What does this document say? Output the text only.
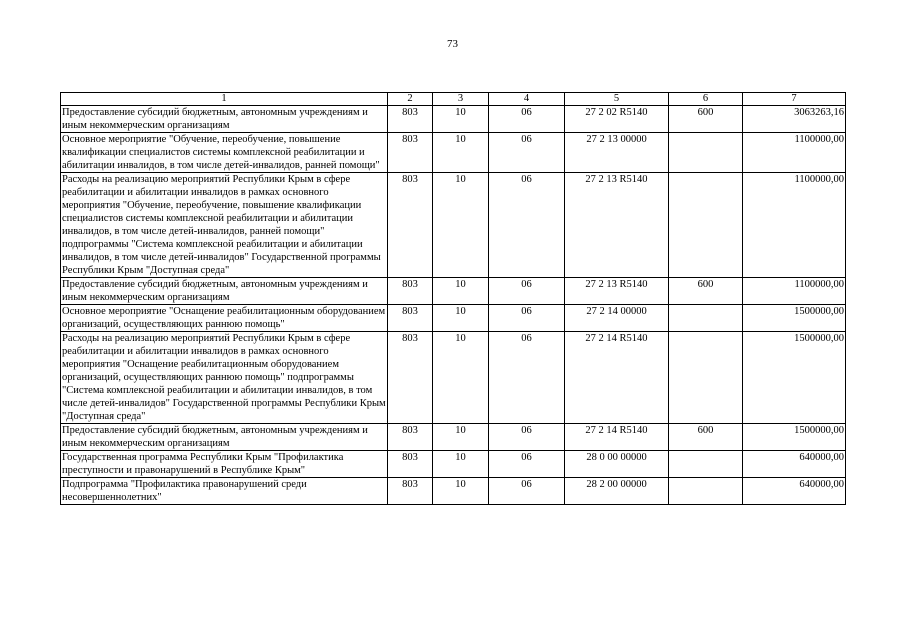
73
1	2	3	4	5	6	7
Предоставление субсидий бюджетным, автономным учреждениям и иным некоммерческим организациям	803	10	06	27 2 02 R5140	600	3063263,16
Основное мероприятие "Обучение, переобучение, повышение квалификации специалистов системы комплексной реабилитации и абилитации инвалидов, в том числе детей-инвалидов, ранней помощи"	803	10	06	27 2 13 00000		1100000,00
Расходы на реализацию мероприятий Республики Крым в сфере реабилитации и абилитации инвалидов в рамках основного мероприятия "Обучение, переобучение, повышение квалификации специалистов системы комплексной реабилитации и абилитации инвалидов, в том числе детей-инвалидов, ранней помощи" подпрограммы "Система комплексной реабилитации и абилитации инвалидов, в том числе детей-инвалидов" Государственной программы Республики Крым "Доступная среда"	803	10	06	27 2 13 R5140		1100000,00
Предоставление субсидий бюджетным, автономным учреждениям и иным некоммерческим организациям	803	10	06	27 2 13 R5140	600	1100000,00
Основное мероприятие "Оснащение реабилитационным оборудованием организаций, осуществляющих раннюю помощь"	803	10	06	27 2 14 00000		1500000,00
Расходы на реализацию мероприятий Республики Крым в сфере реабилитации и абилитации инвалидов в рамках основного мероприятия "Оснащение реабилитационным оборудованием организаций, осуществляющих раннюю помощь" подпрограммы "Система комплексной реабилитации и абилитации инвалидов, в том числе детей-инвалидов" Государственной программы Республики Крым "Доступная среда"	803	10	06	27 2 14 R5140		1500000,00
Предоставление субсидий бюджетным, автономным учреждениям и иным некоммерческим организациям	803	10	06	27 2 14 R5140	600	1500000,00
Государственная программа Республики Крым "Профилактика преступности и правонарушений в Республике Крым"	803	10	06	28 0 00 00000		640000,00
Подпрограмма "Профилактика правонарушений среди несовершеннолетних"	803	10	06	28 2 00 00000		640000,00
